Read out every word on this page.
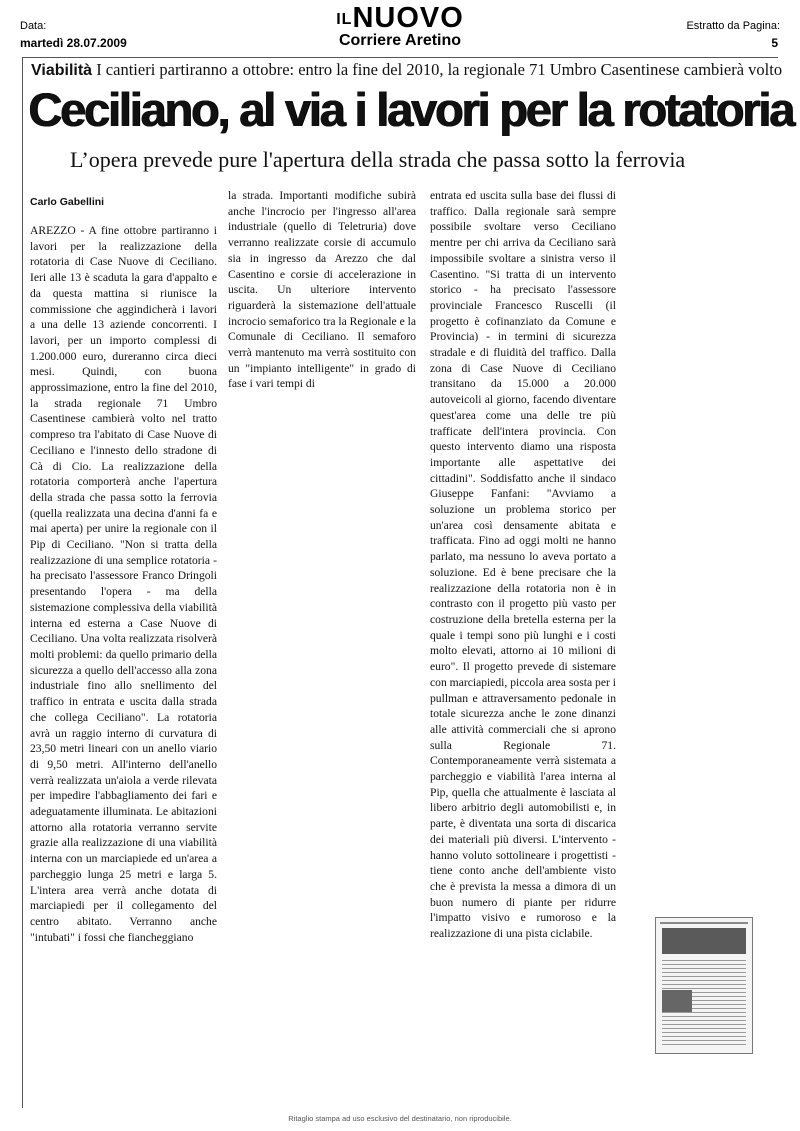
Data:
martedì 28.07.2009
$^{IL}$NUOVO
Corriere Aretino
Estratto da Pagina:
5
Viabilità I cantieri partiranno a ottobre: entro la fine del 2010, la regionale 71 Umbro Casentinese cambierà volto
Ceciliano, al via i lavori per la rotatoria
L’opera prevede pure l'apertura della strada che passa sotto la ferrovia
Carlo Gabellini
AREZZO - A fine ottobre partiranno i lavori per la realizzazione della rotatoria di Case Nuove di Ceciliano. Ieri alle 13 è scaduta la gara d'appalto e da questa mattina si riunisce la commissione che aggindicherà i lavori a una delle 13 aziende concorrenti. I lavori, per un importo complessi di 1.200.000 euro, dureranno circa dieci mesi. Quindi, con buona approssimazione, entro la fine del 2010, la strada regionale 71 Umbro Casentinese cambierà volto nel tratto compreso tra l'abitato di Case Nuove di Ceciliano e l'innesto dello stradone di Cà di Cio. La realizzazione della rotatoria comporterà anche l'apertura della strada che passa sotto la ferrovia (quella realizzata una decina d'anni fa e mai aperta) per unire la regionale con il Pip di Ceciliano. "Non si tratta della realizzazione di una semplice rotatoria - ha precisato l'assessore Franco Dringoli presentando l'opera - ma della sistemazione complessiva della viabilità interna ed esterna a Case Nuove di Ceciliano. Una volta realizzata risolverà molti problemi: da quello primario della sicurezza a quello dell'accesso alla zona industriale fino allo snellimento del traffico in entrata e uscita dalla strada che collega Ceciliano". La rotatoria avrà un raggio interno di curvatura di 23,50 metri lineari con un anello viario di 9,50 metri. All'interno dell'anello verrà realizzata un'aiola a verde rilevata per impedire l'abbagliamento dei fari e adeguatamente illuminata. Le abitazioni attorno alla rotatoria verranno servite grazie alla realizzazione di una viabilità interna con un marciapiede ed un'area a parcheggio lunga 25 metri e larga 5. L'intera area verrà anche dotata di marciapiedi per il collegamento del centro abitato. Verranno anche "intubati" i fossi che fiancheggiano
la strada. Importanti modifiche subirà anche l'incrocio per l'ingresso all'area industriale (quello di Teletruria) dove verranno realizzate corsie di accumulo sia in ingresso da Arezzo che dal Casentino e corsie di accelerazione in uscita. Un ulteriore intervento riguarderà la sistemazione dell'attuale incrocio semaforico tra la Regionale e la Comunale di Ceciliano. Il semaforo verrà mantenuto ma verrà sostituito con un "impianto intelligente" in grado di fase i vari tempi di
entrata ed uscita sulla base dei flussi di traffico. Dalla regionale sarà sempre possibile svoltare verso Ceciliano mentre per chi arriva da Ceciliano sarà impossibile svoltare a sinistra verso il Casentino. "Si tratta di un intervento storico - ha precisato l'assessore provinciale Francesco Ruscelli (il progetto è cofinanziato da Comune e Provincia) - in termini di sicurezza stradale e di fluidità del traffico. Dalla zona di Case Nuove di Ceciliano transitano da 15.000 a 20.000 autoveicoli al giorno, facendo diventare quest'area come una delle tre più trafficate dell'intera provincia. Con questo intervento diamo una risposta importante alle aspettative dei cittadini". Soddisfatto anche il sindaco Giuseppe Fanfani: "Avviamo a soluzione un problema storico per un'area così densamente abitata e trafficata. Fino ad oggi molti ne hanno parlato, ma nessuno lo aveva portato a soluzione. Ed è bene precisare che la realizzazione della rotatoria non è in contrasto con il progetto più vasto per costruzione della bretella esterna per la quale i tempi sono più lunghi e i costi molto elevati, attorno ai 10 milioni di euro". Il progetto prevede di sistemare con marciapiedi, piccola area sosta per i pullman e attraversamento pedonale in totale sicurezza anche le zone dinanzi alle attività commerciali che si aprono sulla Regionale 71. Contemporaneamente verrà sistemata a parcheggio e viabilità l'area interna al Pip, quella che attualmente è lasciata al libero arbitrio degli automobilisti e, in parte, è diventata una sorta di discarica dei materiali più diversi. L'intervento - hanno voluto sottolineare i progettisti - tiene conto anche dell'ambiente visto che è prevista la messa a dimora di un buon numero di piante per ridurre l'impatto visivo e rumoroso e la realizzazione di una pista ciclabile.
Ritaglio stampa ad uso esclusivo del destinatario, non riproducibile.
